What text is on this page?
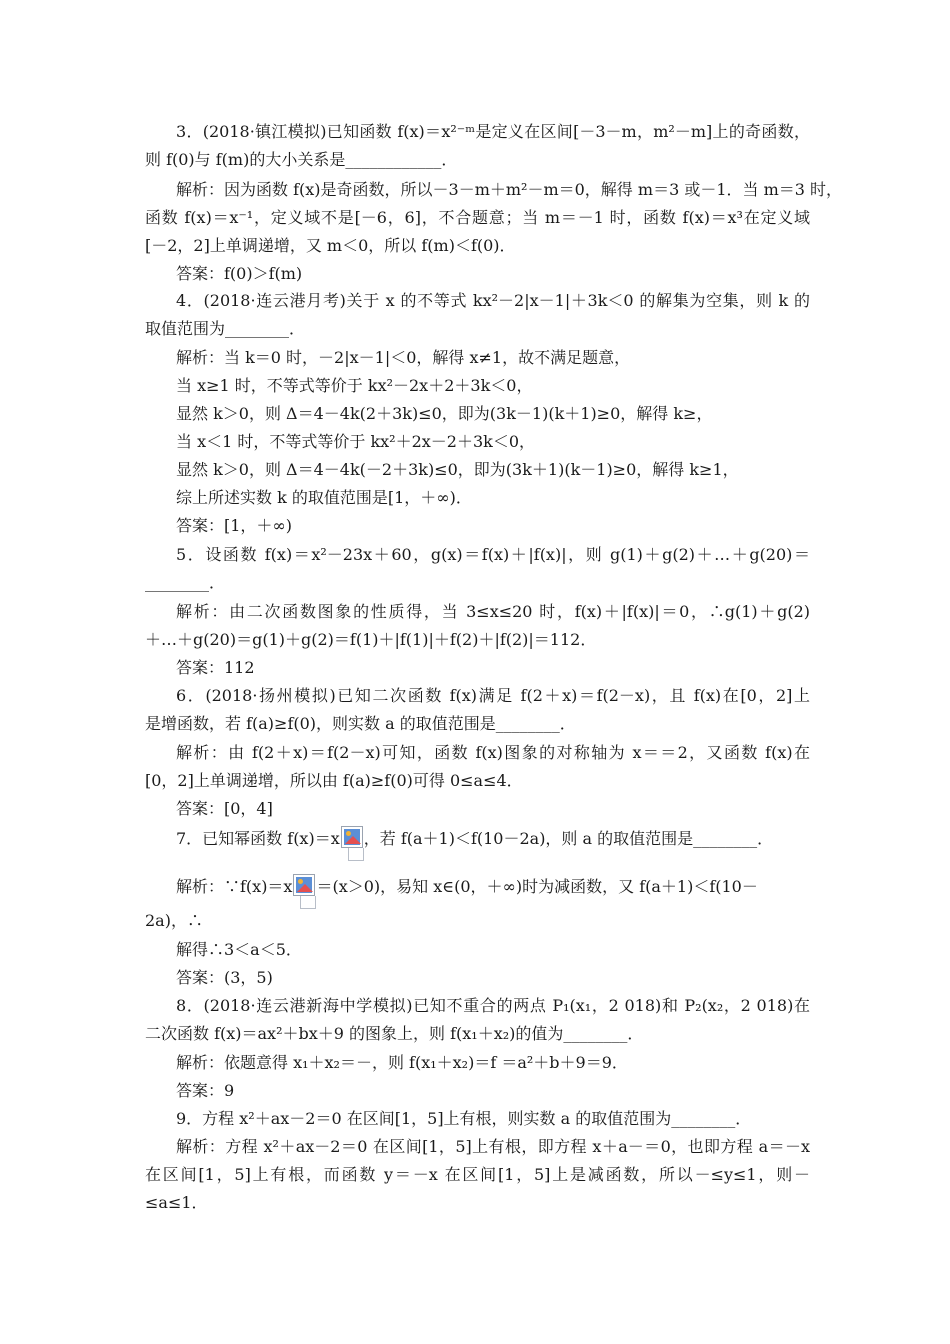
3．(2018·镇江模拟)已知函数 f(x)＝x²⁻ᵐ是定义在区间[－3－m，m²－m]上的奇函数，
则 f(0)与 f(m)的大小关系是____________．
解析：因为函数 f(x)是奇函数，所以－3－m＋m²－m＝0，解得 m＝3 或－1．当 m＝3 时，
函数 f(x)＝x⁻¹，定义域不是[－6，6]，不合题意；当 m＝－1 时，函数 f(x)＝x³在定义域
[－2，2]上单调递增，又 m＜0，所以 f(m)＜f(0)．
答案：f(0)＞f(m)
4．(2018·连云港月考)关于 x 的不等式 kx²－2|x－1|＋3k＜0 的解集为空集，则 k 的
取值范围为________．
解析：当 k＝0 时，－2|x－1|＜0，解得 x≠1，故不满足题意，
当 x≥1 时，不等式等价于 kx²－2x＋2＋3k＜0，
显然 k＞0，则 Δ＝4－4k(2＋3k)≤0，即为(3k－1)(k＋1)≥0，解得 k≥，
当 x＜1 时，不等式等价于 kx²＋2x－2＋3k＜0，
显然 k＞0，则 Δ＝4－4k(－2＋3k)≤0，即为(3k＋1)(k－1)≥0，解得 k≥1，
综上所述实数 k 的取值范围是[1，＋∞)．
答案：[1，＋∞)
5．设函数 f(x)＝x²－23x＋60，g(x)＝f(x)＋|f(x)|，则 g(1)＋g(2)＋…＋g(20)＝
________．
解析：由二次函数图象的性质得，当 3≤x≤20 时，f(x)＋|f(x)|＝0，∴g(1)＋g(2)
＋…＋g(20)＝g(1)＋g(2)＝f(1)＋|f(1)|＋f(2)＋|f(2)|＝112．
答案：112
6．(2018·扬州模拟)已知二次函数 f(x)满足 f(2＋x)＝f(2－x)，且 f(x)在[0，2]上
是增函数，若 f(a)≥f(0)，则实数 a 的取值范围是________．
解析：由 f(2＋x)＝f(2－x)可知，函数 f(x)图象的对称轴为 x＝＝2，又函数 f(x)在
[0，2]上单调递增，所以由 f(a)≥f(0)可得 0≤a≤4．
答案：[0，4]
7．已知幂函数 f(x)＝x ，若 f(a＋1)＜f(10－2a)，则 a 的取值范围是________．
解析：∵f(x)＝x ＝(x＞0)，易知 x∈(0，＋∞)时为减函数，又 f(a＋1)＜f(10－
2a)，∴
解得∴3＜a＜5．
答案：(3，5)
8．(2018·连云港新海中学模拟)已知不重合的两点 P₁(x₁，2 018)和 P₂(x₂，2 018)在
二次函数 f(x)＝ax²＋bx＋9 的图象上，则 f(x₁＋x₂)的值为________．
解析：依题意得 x₁＋x₂＝－，则 f(x₁＋x₂)＝f ＝a²＋b＋9＝9．
答案：9
9．方程 x²＋ax－2＝0 在区间[1，5]上有根，则实数 a 的取值范围为________．
解析：方程 x²＋ax－2＝0 在区间[1，5]上有根，即方程 x＋a－＝0，也即方程 a＝－x
在区间[1，5]上有根，而函数 y＝－x 在区间[1，5]上是减函数，所以－≤y≤1，则－
≤a≤1．
